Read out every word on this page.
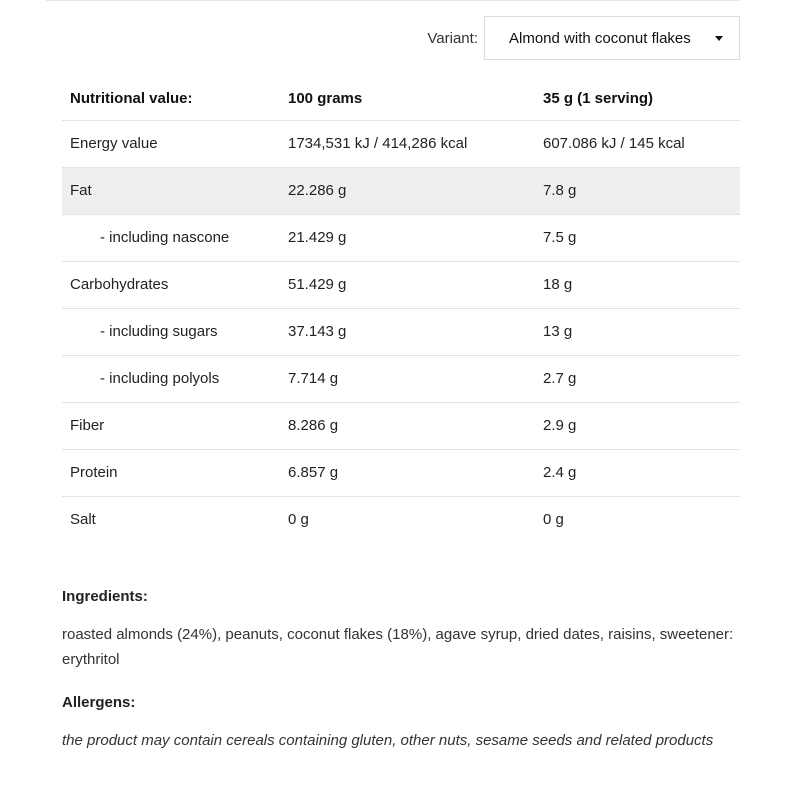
Variant: Almond with coconut flakes
Nutritional value:	100 grams	35 g (1 serving)
Energy value	1734,531 kJ / 414,286 kcal	607.086 kJ / 145 kcal
Fat	22.286 g	7.8 g
- including nascone	21.429 g	7.5 g
Carbohydrates	51.429 g	18 g
- including sugars	37.143 g	13 g
- including polyols	7.714 g	2.7 g
Fiber	8.286 g	2.9 g
Protein	6.857 g	2.4 g
Salt	0 g	0 g
Ingredients:
roasted almonds (24%), peanuts, coconut flakes (18%), agave syrup, dried dates, raisins, sweetener: erythritol
Allergens:
the product may contain cereals containing gluten, other nuts, sesame seeds and related products
